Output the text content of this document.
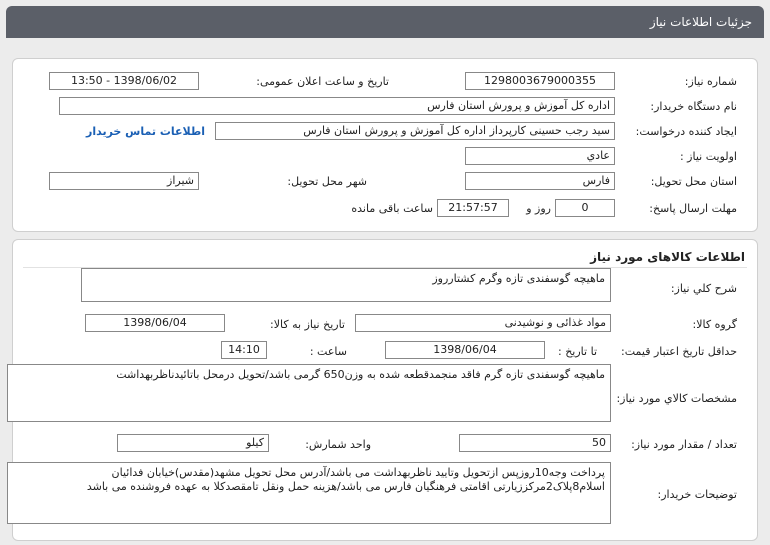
جزئیات اطلاعات نیاز
شماره نیاز:
1298003679000355
تاریخ و ساعت اعلان عمومی:
1398/06/02 - 13:50
نام دستگاه خریدار:
اداره کل آموزش و پرورش استان فارس
ایجاد کننده درخواست:
سید رجب حسینی کارپرداز اداره کل آموزش و پرورش استان فارس
اطلاعات تماس خریدار
اولویت نیاز :
عادي
استان محل تحویل:
فارس
شهر محل تحویل:
شیراز
مهلت ارسال پاسخ:
0
روز و
21:57:57
ساعت باقی مانده
اطلاعات کالاهای مورد نیاز
شرح کلي نياز:
ماهیچه گوسفندی تازه وگرم کشتارروز
گروه کالا:
مواد غذائی و نوشیدنی
تاریخ نیاز به کالا:
1398/06/04
حداقل تاریخ اعتبار قیمت:
تا تاریخ :
1398/06/04
ساعت :
14:10
مشخصات کالاي مورد نياز:
ماهیچه گوسفندی تازه گرم فاقد منجمدقطعه شده به وزن650 گرمی باشد/تحویل درمحل باتائیدناظربهداشت
تعداد / مقدار مورد نیاز:
50
واحد شمارش:
کیلو
توضیحات خریدار:
پرداخت وجه10روزپس ازتحویل وتایید ناظربهداشت می باشد/آدرس محل تحویل مشهد(مقدس)خیابان فدائیان اسلام8پلاک2مرکززیارتی اقامتی فرهنگیان فارس می باشد/هزینه حمل ونقل تامقصدکلا به عهده فروشنده می باشد
